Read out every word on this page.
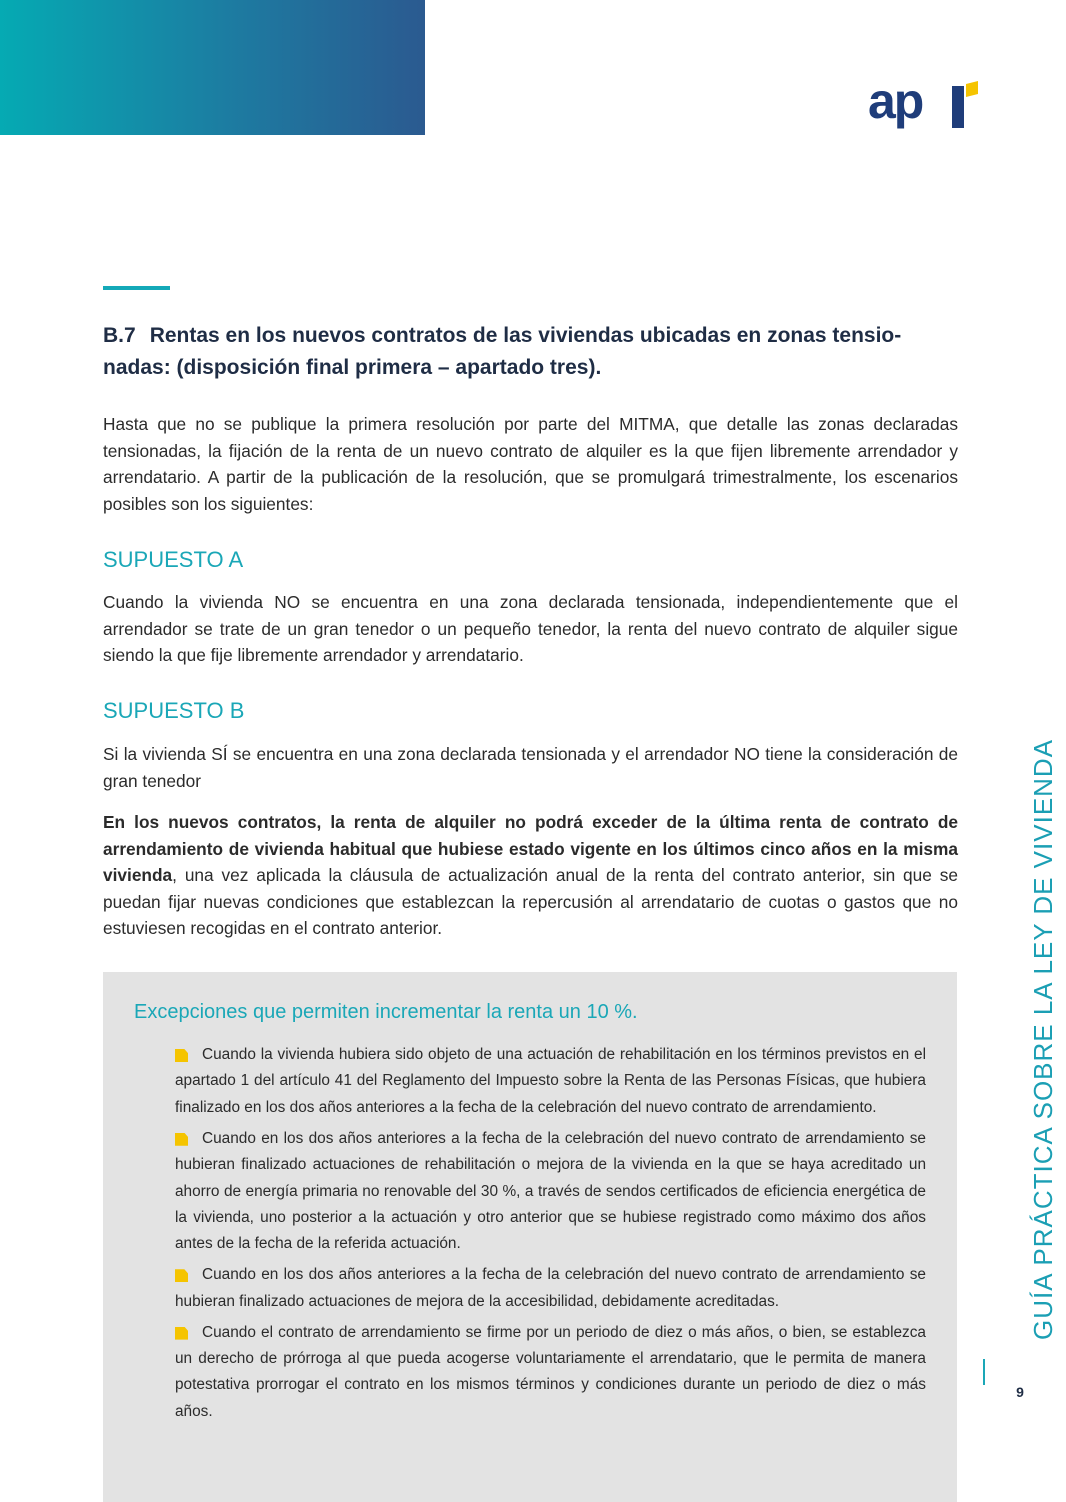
ap
B.7 Rentas en los nuevos contratos de las viviendas ubicadas en zonas tensio-nadas: (disposición final primera – apartado tres).

Hasta que no se publique la primera resolución por parte del MITMA, que detalle las zonas declaradas tensionadas, la fijación de la renta de un nuevo contrato de alquiler es la que fijen libremente arrendador y arrendatario. A partir de la publicación de la resolución, que se promulgará trimestralmente, los escenarios posibles son los siguientes:

SUPUESTO A

Cuando la vivienda NO se encuentra en una zona declarada tensionada, independientemente que el arrendador se trate de un gran tenedor o un pequeño tenedor, la renta del nuevo contrato de alquiler sigue siendo la que fije libremente arrendador y arrendatario.

SUPUESTO B

Si la vivienda SÍ se encuentra en una zona declarada tensionada y el arrendador NO tiene la consideración de gran tenedor

En los nuevos contratos, la renta de alquiler no podrá exceder de la última renta de contrato de arrendamiento de vivienda habitual que hubiese estado vigente en los últimos cinco años en la misma vivienda, una vez aplicada la cláusula de actualización anual de la renta del contrato anterior, sin que se puedan fijar nuevas condiciones que establezcan la repercusión al arrendatario de cuotas o gastos que no estuviesen recogidas en el contrato anterior.

Excepciones que permiten incrementar la renta un 10 %.
Cuando la vivienda hubiera sido objeto de una actuación de rehabilitación en los términos previstos en el apartado 1 del artículo 41 del Reglamento del Impuesto sobre la Renta de las Personas Físicas, que hubiera finalizado en los dos años anteriores a la fecha de la celebración del nuevo contrato de arrendamiento.
Cuando en los dos años anteriores a la fecha de la celebración del nuevo contrato de arrendamiento se hubieran finalizado actuaciones de rehabilitación o mejora de la vivienda en la que se haya acreditado un ahorro de energía primaria no renovable del 30 %, a través de sendos certificados de eficiencia energética de la vivienda, uno posterior a la actuación y otro anterior que se hubiese registrado como máximo dos años antes de la fecha de la referida actuación.
Cuando en los dos años anteriores a la fecha de la celebración del nuevo contrato de arrendamiento se hubieran finalizado actuaciones de mejora de la accesibilidad, debidamente acreditadas.
Cuando el contrato de arrendamiento se firme por un periodo de diez o más años, o bien, se establezca un derecho de prórroga al que pueda acogerse voluntariamente el arrendatario, que le permita de manera potestativa prorrogar el contrato en los mismos términos y condiciones durante un periodo de diez o más años.
GUÍA PRÁCTICA SOBRE LA LEY DE VIVIENDA
9
